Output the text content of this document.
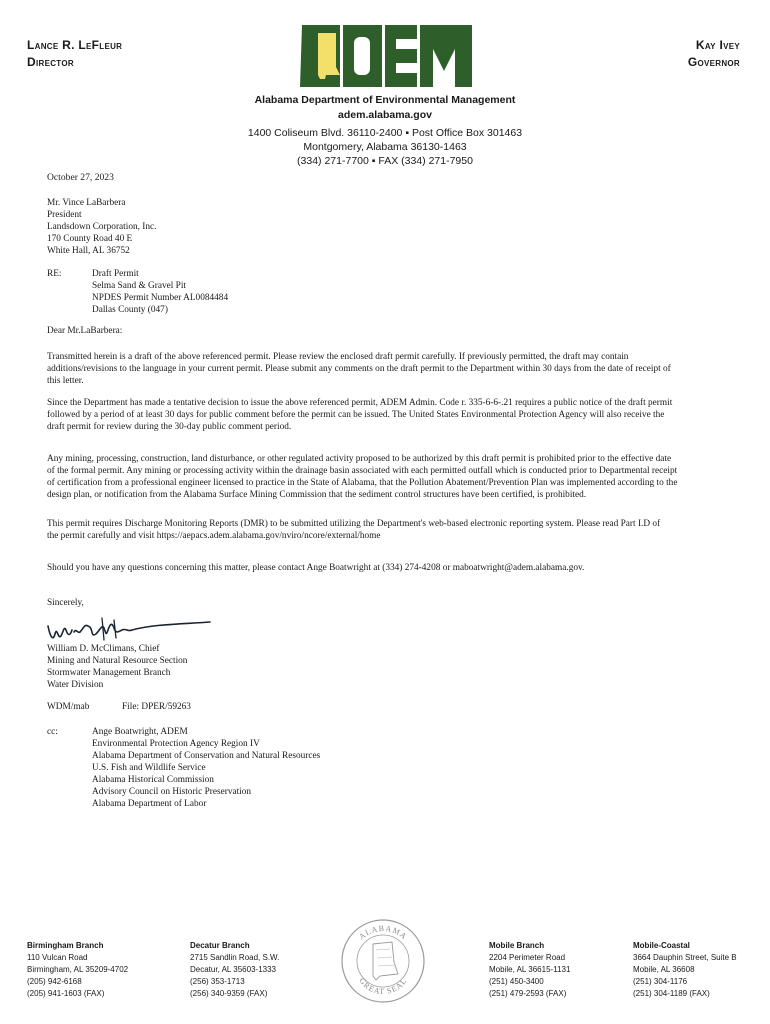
Lance R. LeFleur
Director
Kay Ivey
Governor
Alabama Department of Environmental Management
adem.alabama.gov
1400 Coliseum Blvd. 36110-2400 ▪ Post Office Box 301463
Montgomery, Alabama 36130-1463
(334) 271-7700 ▪ FAX (334) 271-7950
October 27, 2023
Mr. Vince LaBarbera
President
Landsdown Corporation, Inc.
170 County Road 40 E
White Hall, AL 36752
RE:	Draft Permit
Selma Sand & Gravel Pit
NPDES Permit Number AL0084484
Dallas County (047)
Dear Mr.LaBarbera:
Transmitted herein is a draft of the above referenced permit. Please review the enclosed draft permit carefully. If previously permitted, the draft may contain
additions/revisions to the language in your current permit. Please submit any comments on the draft permit to the Department within 30 days from the date of receipt of
this letter.
Since the Department has made a tentative decision to issue the above referenced permit, ADEM Admin. Code r. 335-6-6-.21 requires a public notice of the draft permit
followed by a period of at least 30 days for public comment before the permit can be issued. The United States Environmental Protection Agency will also receive the
draft permit for review during the 30-day public comment period.
Any mining, processing, construction, land disturbance, or other regulated activity proposed to be authorized by this draft permit is prohibited prior to the effective date
of the formal permit. Any mining or processing activity within the drainage basin associated with each permitted outfall which is conducted prior to Departmental receipt
of certification from a professional engineer licensed to practice in the State of Alabama, that the Pollution Abatement/Prevention Plan was implemented according to the
design plan, or notification from the Alabama Surface Mining Commission that the sediment control structures have been certified, is prohibited.
This permit requires Discharge Monitoring Reports (DMR) to be submitted utilizing the Department's web-based electronic reporting system. Please read Part I.D of
the permit carefully and visit https://aepacs.adem.alabama.gov/nviro/ncore/external/home
Should you have any questions concerning this matter, please contact Ange Boatwright at (334) 274-4208 or maboatwright@adem.alabama.gov.
Sincerely,
William D. McClimans, Chief
Mining and Natural Resource Section
Stormwater Management Branch
Water Division
WDM/mab	File: DPER/59263
cc:	Ange Boatwright, ADEM
Environmental Protection Agency Region IV
Alabama Department of Conservation and Natural Resources
U.S. Fish and Wildlife Service
Alabama Historical Commission
Advisory Council on Historic Preservation
Alabama Department of Labor
Birmingham Branch
110 Vulcan Road
Birmingham, AL 35209-4702
(205) 942-6168
(205) 941-1603 (FAX)
Decatur Branch
2715 Sandlin Road, S.W.
Decatur, AL 35603-1333
(256) 353-1713
(256) 340-9359 (FAX)
ALABAMA
GREAT SEAL
Mobile Branch
2204 Perimeter Road
Mobile, AL 36615-1131
(251) 450-3400
(251) 479-2593 (FAX)
Mobile-Coastal
3664 Dauphin Street, Suite B
Mobile, AL 36608
(251) 304-1176
(251) 304-1189 (FAX)
